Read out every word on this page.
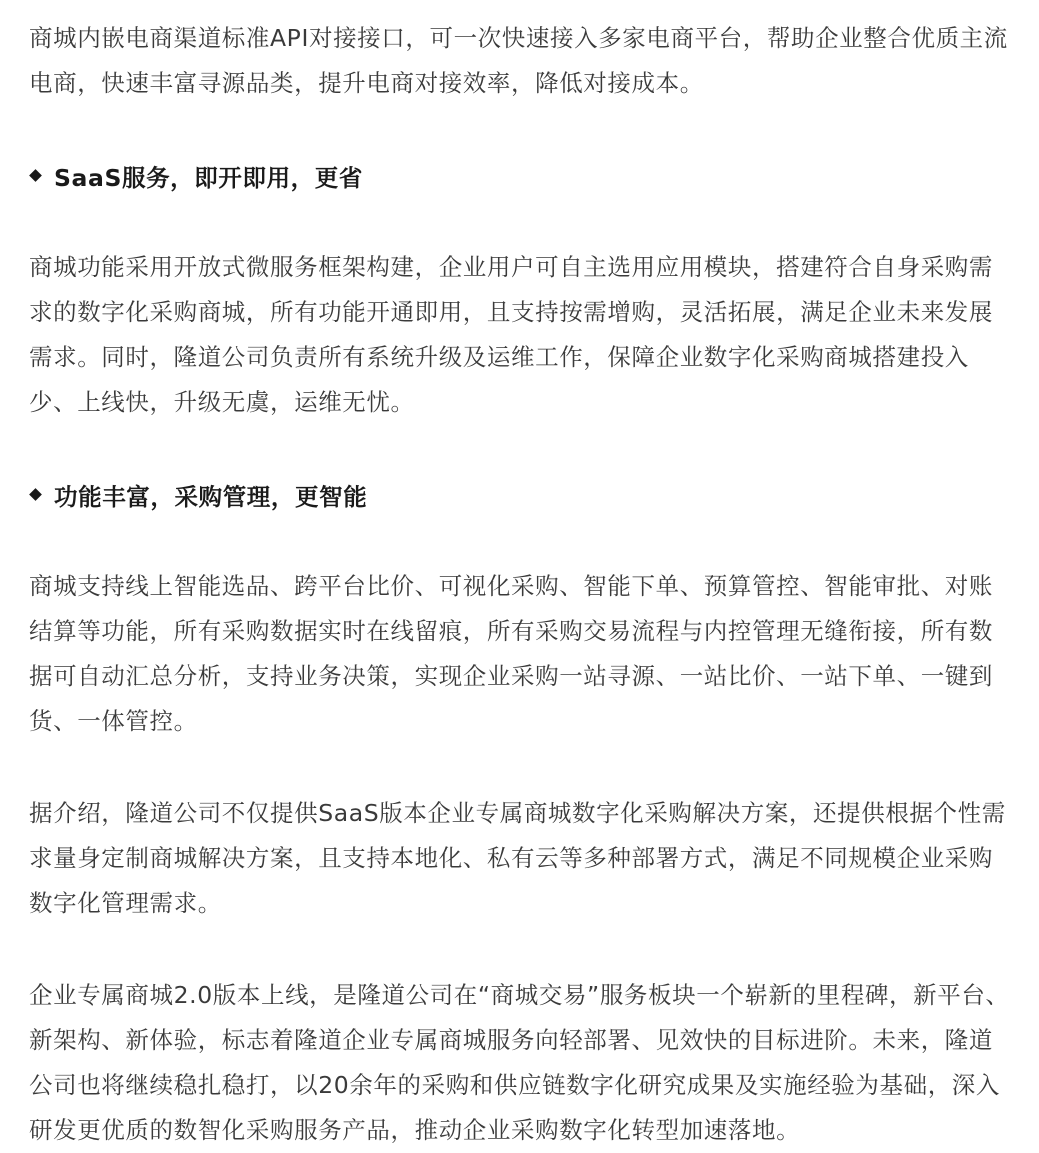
商城内嵌电商渠道标准API对接接口，可一次快速接入多家电商平台，帮助企业整合优质主流电商，快速丰富寻源品类，提升电商对接效率，降低对接成本。

SaaS服务，即开即用，更省

商城功能采用开放式微服务框架构建，企业用户可自主选用应用模块，搭建符合自身采购需求的数字化采购商城，所有功能开通即用，且支持按需增购，灵活拓展，满足企业未来发展需求。同时，隆道公司负责所有系统升级及运维工作，保障企业数字化采购商城搭建投入少、上线快，升级无虞，运维无忧。

功能丰富，采购管理，更智能

商城支持线上智能选品、跨平台比价、可视化采购、智能下单、预算管控、智能审批、对账结算等功能，所有采购数据实时在线留痕，所有采购交易流程与内控管理无缝衔接，所有数据可自动汇总分析，支持业务决策，实现企业采购一站寻源、一站比价、一站下单、一键到货、一体管控。

据介绍，隆道公司不仅提供SaaS版本企业专属商城数字化采购解决方案，还提供根据个性需求量身定制商城解决方案，且支持本地化、私有云等多种部署方式，满足不同规模企业采购数字化管理需求。

企业专属商城2.0版本上线，是隆道公司在“商城交易”服务板块一个崭新的里程碑，新平台、新架构、新体验，标志着隆道企业专属商城服务向轻部署、见效快的目标进阶。未来，隆道公司也将继续稳扎稳打，以20余年的采购和供应链数字化研究成果及实施经验为基础，深入研发更优质的数智化采购服务产品，推动企业采购数字化转型加速落地。
